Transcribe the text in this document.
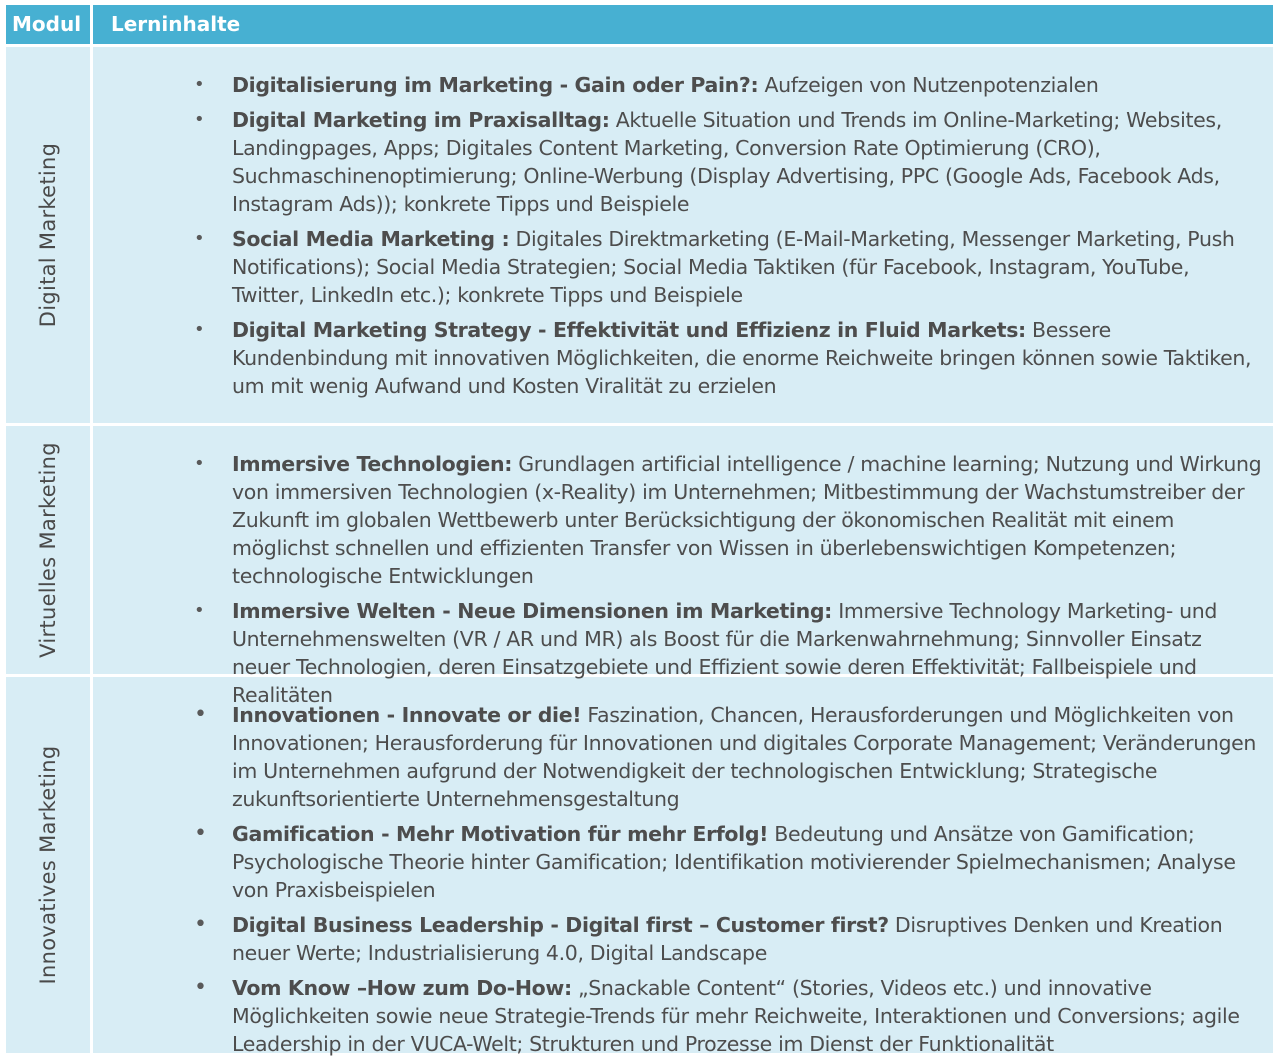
Modul	Lerninhalte
Digital Marketing
• Digitalisierung im Marketing - Gain oder Pain?: Aufzeigen von Nutzenpotenzialen
• Digital Marketing im Praxisalltag: Aktuelle Situation und Trends im Online-Marketing; Websites, Landingpages, Apps; Digitales Content Marketing, Conversion Rate Optimierung (CRO), Suchmaschinenoptimierung; Online-Werbung (Display Advertising, PPC (Google Ads, Facebook Ads, Instagram Ads)); konkrete Tipps und Beispiele
• Social Media Marketing : Digitales Direktmarketing (E-Mail-Marketing, Messenger Marketing, Push Notifications); Social Media Strategien; Social Media Taktiken (für Facebook, Instagram, YouTube, Twitter, LinkedIn etc.); konkrete Tipps und Beispiele
• Digital Marketing Strategy - Effektivität und Effizienz in Fluid Markets: Bessere Kundenbindung mit innovativen Möglichkeiten, die enorme Reichweite bringen können sowie Taktiken, um mit wenig Aufwand und Kosten Viralität zu erzielen
Virtuelles Marketing
•	Immersive Technologien: Grundlagen artificial intelligence / machine learning; Nutzung und Wirkung von immersiven Technologien (x-Reality) im Unternehmen; Mitbestimmung der Wachstumstreiber der Zukunft im globalen Wettbewerb unter Berücksichtigung der ökonomischen Realität mit einem möglichst schnellen und effizienten Transfer von Wissen in überlebenswichtigen Kompetenzen; technologische Entwicklungen
• Immersive Welten - Neue Dimensionen im Marketing: Immersive Technology Marketing- und Unternehmenswelten (VR / AR und MR) als Boost für die Markenwahrnehmung; Sinnvoller Einsatz neuer Technologien, deren Einsatzgebiete und Effizient sowie deren Effektivität; Fallbeispiele und Realitäten
Innovatives Marketing
• Innovationen - Innovate or die! Faszination, Chancen, Herausforderungen und Möglichkeiten von Innovationen; Herausforderung für Innovationen und digitales Corporate Management; Veränderungen im Unternehmen aufgrund der Notwendigkeit der technologischen Entwicklung; Strategische zukunftsorientierte Unternehmensgestaltung
• Gamification - Mehr Motivation für mehr Erfolg! Bedeutung und Ansätze von Gamification; Psychologische Theorie hinter Gamification; Identifikation motivierender Spielmechanismen; Analyse von Praxisbeispielen
• Digital Business Leadership - Digital first – Customer first? Disruptives Denken und Kreation neuer Werte; Industrialisierung 4.0, Digital Landscape
• Vom Know –How zum Do-How: „Snackable Content“ (Stories, Videos etc.) und innovative Möglichkeiten sowie neue Strategie-Trends für mehr Reichweite, Interaktionen und Conversions; agile Leadership in der VUCA-Welt; Strukturen und Prozesse im Dienst der Funktionalität
